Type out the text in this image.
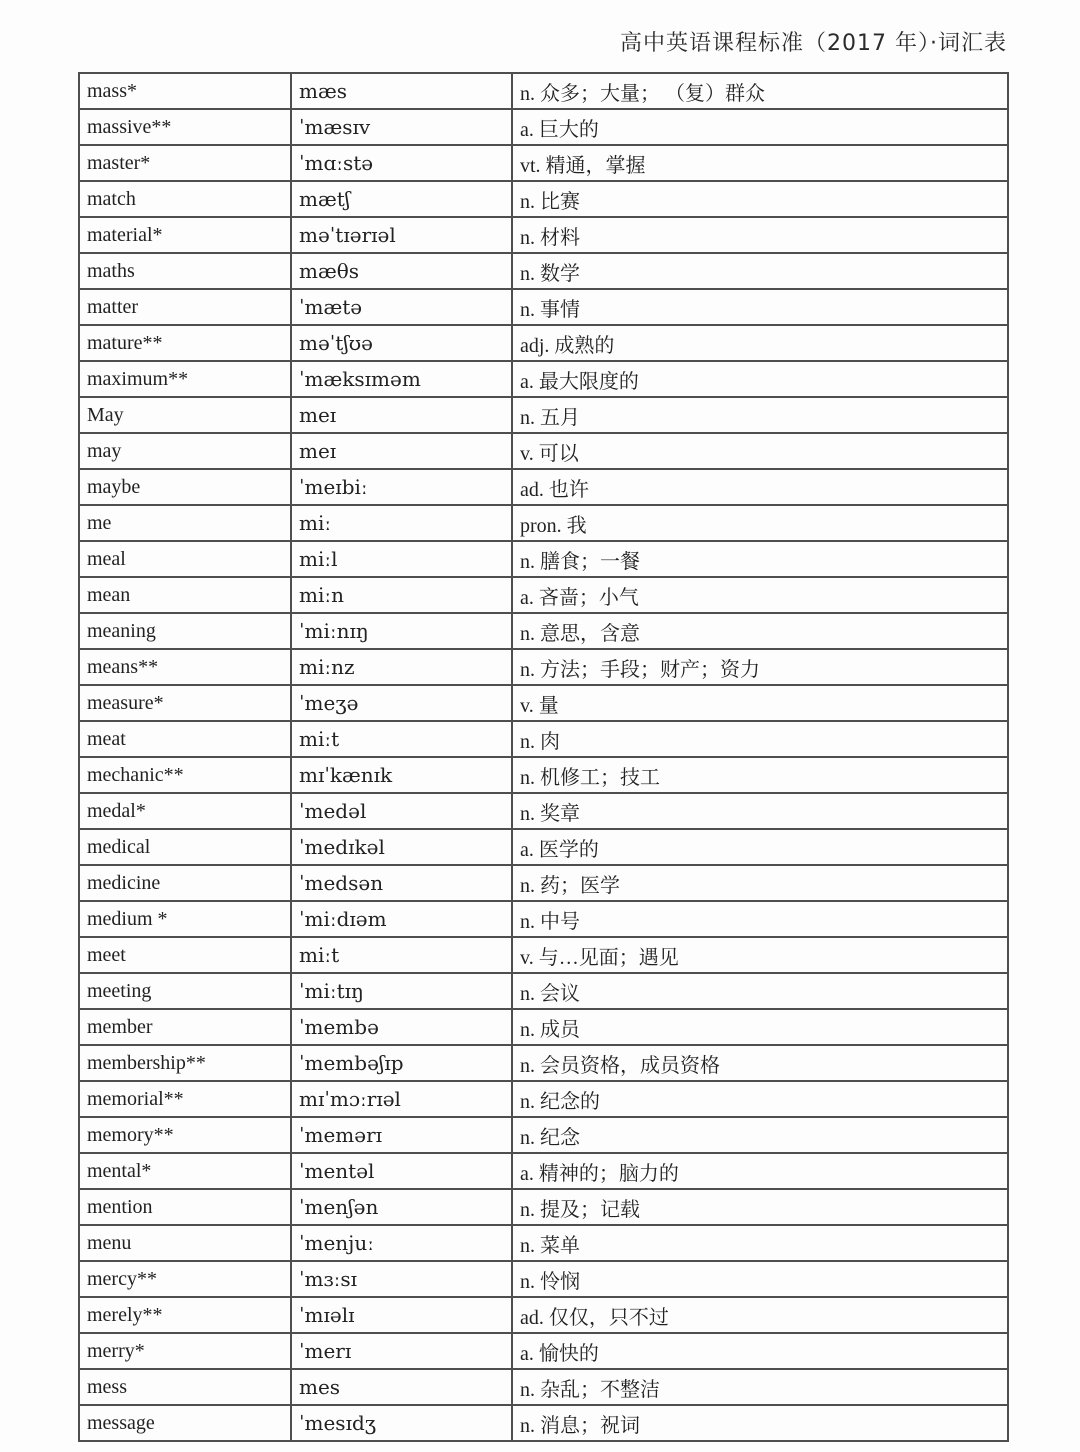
高中英语课程标准（2017 年）·词汇表
mass*	mæs	n. 众多；大量； （复）群众
massive**	ˈmæsɪv	a. 巨大的
master*	ˈmɑːstə	vt. 精通，掌握
match	mætʃ	n. 比赛
material*	məˈtɪərɪəl	n. 材料
maths	mæθs	n. 数学
matter	ˈmætə	n. 事情
mature**	məˈtʃʊə	adj. 成熟的
maximum**	ˈmæksɪməm	a. 最大限度的
May	meɪ	n. 五月
may	meɪ	v. 可以
maybe	ˈmeɪbiː	ad. 也许
me	miː	pron. 我
meal	miːl	n. 膳食；一餐
mean	miːn	a. 吝啬；小气
meaning	ˈmiːnɪŋ	n. 意思，含意
means**	miːnz	n. 方法；手段；财产；资力
measure*	ˈmeʒə	v. 量
meat	miːt	n. 肉
mechanic**	mɪˈkænɪk	n. 机修工；技工
medal*	ˈmedəl	n. 奖章
medical	ˈmedɪkəl	a. 医学的
medicine	ˈmedsən	n. 药；医学
medium *	ˈmiːdɪəm	n. 中号
meet	miːt	v. 与…见面；遇见
meeting	ˈmiːtɪŋ	n. 会议
member	ˈmembə	n. 成员
membership**	ˈmembəʃɪp	n. 会员资格，成员资格
memorial**	mɪˈmɔːrɪəl	n. 纪念的
memory**	ˈmemərɪ	n. 纪念
mental*	ˈmentəl	a. 精神的；脑力的
mention	ˈmenʃən	n. 提及；记载
menu	ˈmenjuː	n. 菜单
mercy**	ˈmɜːsɪ	n. 怜悯
merely**	ˈmɪəlɪ	ad. 仅仅，只不过
merry*	ˈmerɪ	a. 愉快的
mess	mes	n. 杂乱；不整洁
message	ˈmesɪdʒ	n. 消息；祝词
